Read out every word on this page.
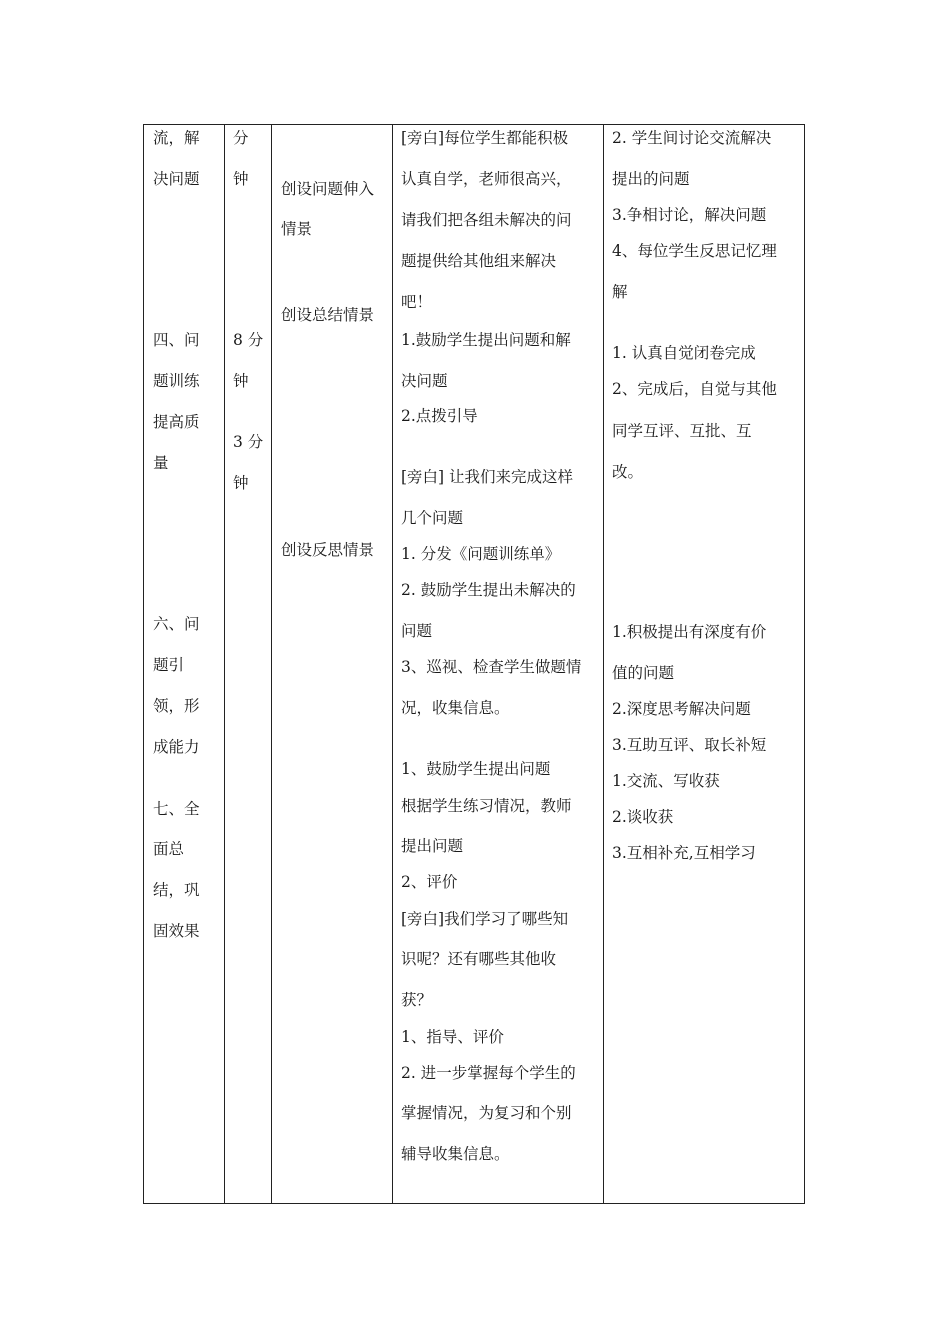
流，解
决问题
四、问
题训练
提高质
量
六、问
题引
领，形
成能力
七、全
面总
结，巩
固效果
分
钟
8 分
钟
3 分
钟
创设问题伸入
情景
创设总结情景
创设反思情景
[旁白]每位学生都能积极
认真自学，老师很高兴，
请我们把各组未解决的问
题提供给其他组来解决
吧！
1.鼓励学生提出问题和解
决问题
2.点拨引导
[旁白] 让我们来完成这样
几个问题
1. 分发《问题训练单》
2. 鼓励学生提出未解决的
问题
3、巡视、检查学生做题情
况，收集信息。
1、鼓励学生提出问题
根据学生练习情况，教师
提出问题
2、评价
[旁白]我们学习了哪些知
识呢？还有哪些其他收
获？
1、指导、评价
2. 进一步掌握每个学生的
掌握情况，为复习和个别
辅导收集信息。
2. 学生间讨论交流解决
提出的问题
3.争相讨论，解决问题
4、每位学生反思记忆理
解
1. 认真自觉闭卷完成
2、完成后，自觉与其他
同学互评、互批、互
改。
1.积极提出有深度有价
值的问题
2.深度思考解决问题
3.互助互评、取长补短
1.交流、写收获
2.谈收获
3.互相补充,互相学习
